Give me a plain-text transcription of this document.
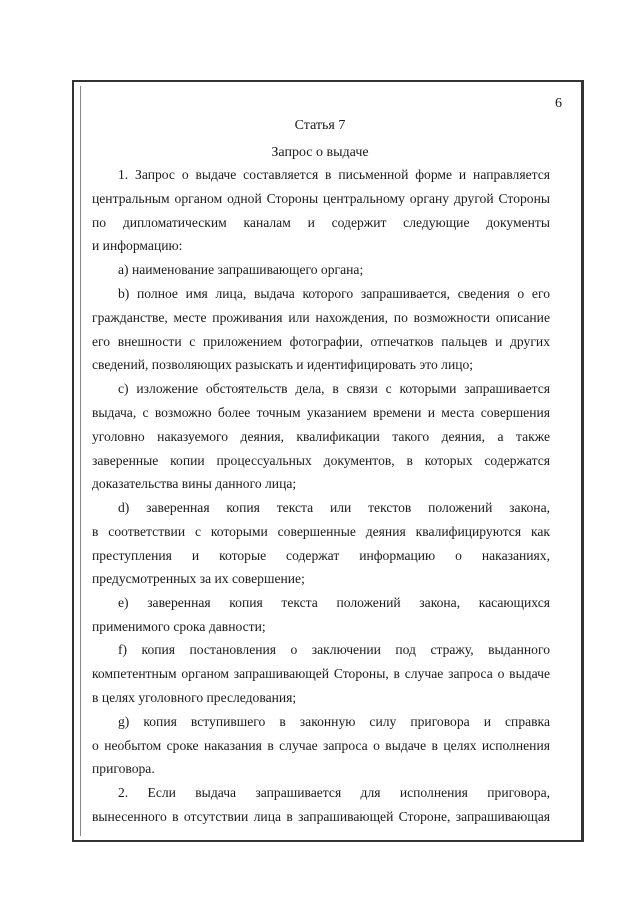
6
Статья 7
Запрос о выдаче
1. Запрос о выдаче составляется в письменной форме и направляется
центральным органом одной Стороны центральному органу другой Стороны
по дипломатическим каналам и содержит следующие документы
и информацию:
a) наименование запрашивающего органа;
b) полное имя лица, выдача которого запрашивается, сведения о его
гражданстве, месте проживания или нахождения, по возможности описание
его внешности с приложением фотографии, отпечатков пальцев и других
сведений, позволяющих разыскать и идентифицировать это лицо;
c) изложение обстоятельств дела, в связи с которыми запрашивается
выдача, с возможно более точным указанием времени и места совершения
уголовно наказуемого деяния, квалификации такого деяния, а также
заверенные копии процессуальных документов, в которых содержатся
доказательства вины данного лица;
d) заверенная копия текста или текстов положений закона,
в соответствии с которыми совершенные деяния квалифицируются как
преступления и которые содержат информацию о наказаниях,
предусмотренных за их совершение;
e) заверенная копия текста положений закона, касающихся
применимого срока давности;
f) копия постановления о заключении под стражу, выданного
компетентным органом запрашивающей Стороны, в случае запроса о выдаче
в целях уголовного преследования;
g) копия вступившего в законную силу приговора и справка
о необытом сроке наказания в случае запроса о выдаче в целях исполнения
приговора.
2. Если выдача запрашивается для исполнения приговора,
вынесенного в отсутствии лица в запрашивающей Стороне, запрашивающая
